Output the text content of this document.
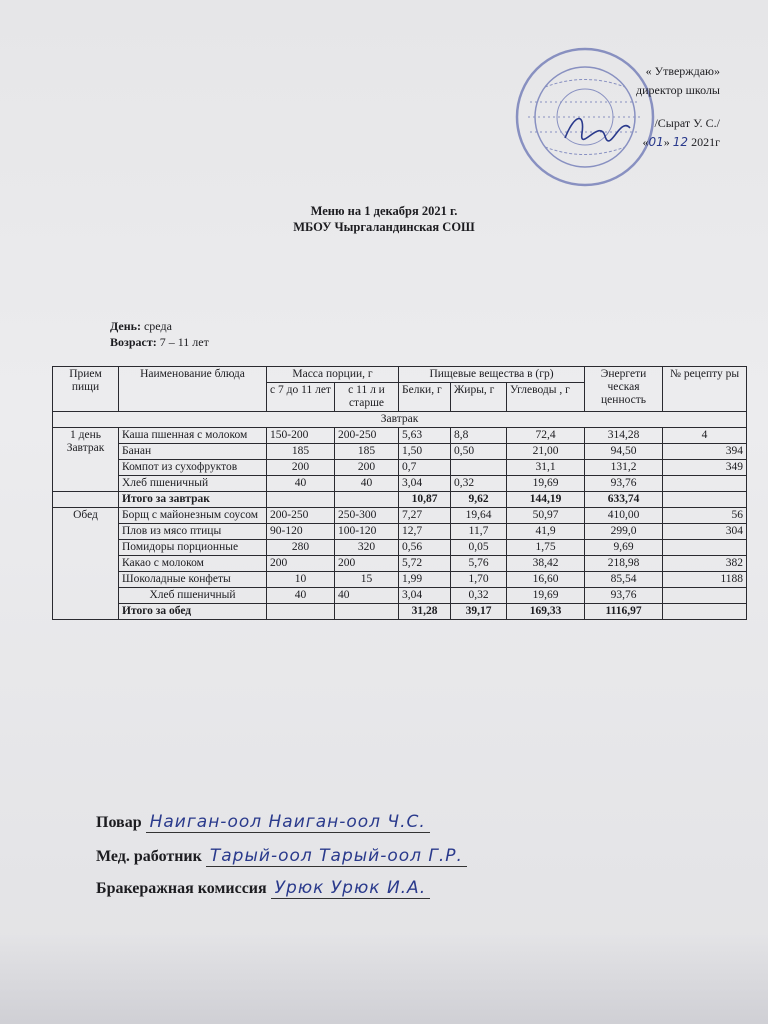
« Утверждаю»
директор школы
/Сырат У. С./
«01» 12 2021г
Меню на 1 декабря 2021 г.
МБОУ Чыргаландинская СОШ
День: среда
Возраст: 7 – 11 лет
Прием пищи	Наименование блюда	Масса порции, г		Пищевые вещества в (гр)			Энергети ческая ценность	№ рецепту ры
		с 7 до 11 лет	с 11 л и старше	Белки, г	Жиры, г	Углеводы , г		
Завтрак								
1 день Завтрак	Каша пшенная с молоком	150-200	200-250	5,63	8,8	72,4	314,28	4
	Банан	185	185	1,50	0,50	21,00	94,50	394
	Компот из сухофруктов	200	200	0,7		31,1	131,2	349
	Хлеб пшеничный	40	40	3,04	0,32	19,69	93,76	
	Итого за завтрак			10,87	9,62	144,19	633,74	
Обед	Борщ с майонезным соусом	200-250	250-300	7,27	19,64	50,97	410,00	56
	Плов из мясо птицы	90-120	100-120	12,7	11,7	41,9	299,0	304
	Помидоры порционные	280	320	0,56	0,05	1,75	9,69	
	Какао с молоком	200	200	5,72	5,76	38,42	218,98	382
	Шоколадные конфеты	10	15	1,99	1,70	16,60	85,54	1188
	Хлеб пшеничный	40	40	3,04	0,32	19,69	93,76	
	Итого за обед			31,28	39,17	169,33	1116,97	
Повар Наиган-оол Наиган-оол Ч.С.
Мед. работник Тарый-оол Тарый-оол Г.Р.
Бракеражная комиссия Урюк Урюк И.А.
